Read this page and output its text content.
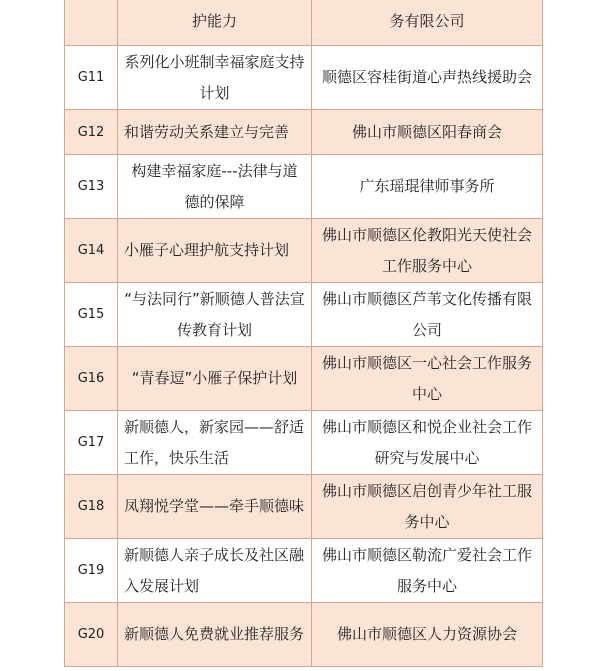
	护能力	务有限公司
G11	系列化小班制幸福家庭支持计划	顺德区容桂街道心声热线援助会
G12	和谐劳动关系建立与完善	佛山市顺德区阳春商会
G13	构建幸福家庭---法律与道德的保障	广东瑶琨律师事务所
G14	小雁子心理护航支持计划	佛山市顺德区伦教阳光天使社会工作服务中心
G15	“与法同行”新顺德人普法宣传教育计划	佛山市顺德区芦苇文化传播有限公司
G16	“青春逗”小雁子保护计划	佛山市顺德区一心社会工作服务中心
G17	新顺德人，新家园——舒适工作，快乐生活	佛山市顺德区和悦企业社会工作研究与发展中心
G18	凤翔悦学堂——牵手顺德味	佛山市顺德区启创青少年社工服务中心
G19	新顺德人亲子成长及社区融入发展计划	佛山市顺德区勒流广爱社会工作服务中心
G20	新顺德人免费就业推荐服务	佛山市顺德区人力资源协会
